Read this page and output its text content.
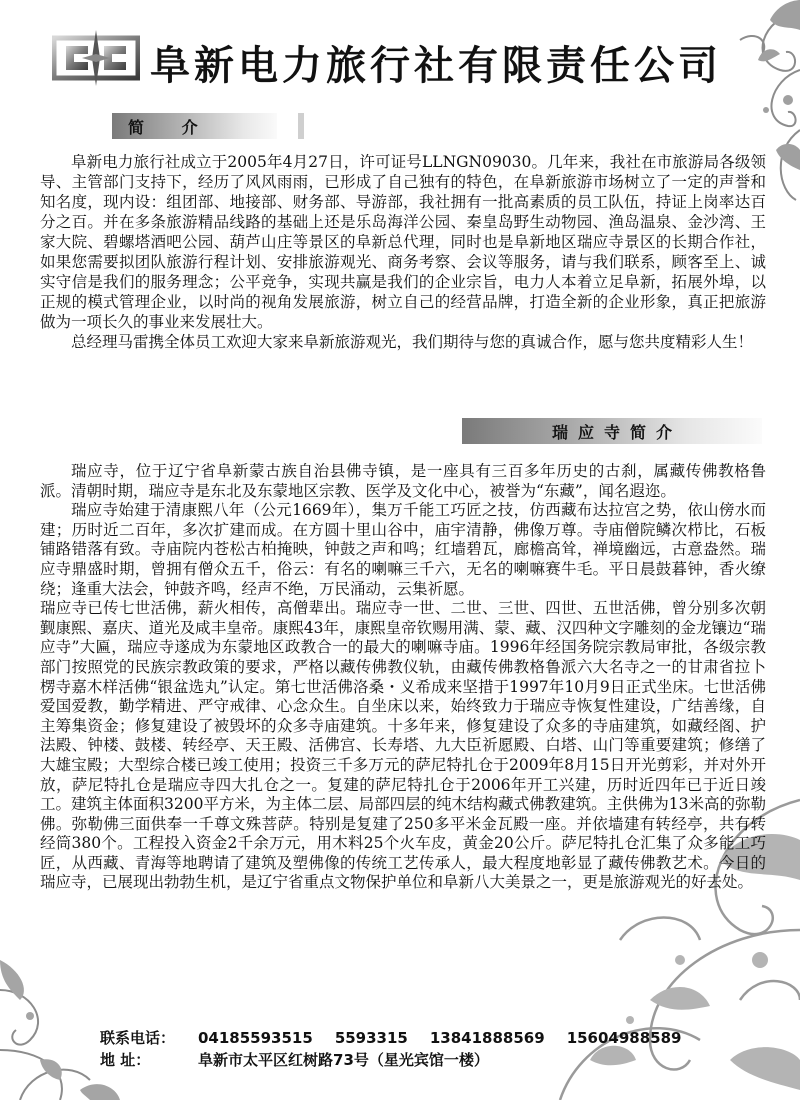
阜新电力旅行社有限责任公司
简 介

阜新电力旅行社成立于2005年4月27日，许可证号LLNGN09030。几年来，我社在市旅游局各级领导、主管部门支持下，经历了风风雨雨，已形成了自己独有的特色，在阜新旅游市场树立了一定的声誉和知名度，现内设：组团部、地接部、财务部、导游部，我社拥有一批高素质的员工队伍，持证上岗率达百分之百。并在多条旅游精品线路的基础上还是乐岛海洋公园、秦皇岛野生动物园、渔岛温泉、金沙湾、王家大院、碧螺塔酒吧公园、葫芦山庄等景区的阜新总代理，同时也是阜新地区瑞应寺景区的长期合作社，如果您需要拟团队旅游行程计划、安排旅游观光、商务考察、会议等服务，请与我们联系，顾客至上、诚实守信是我们的服务理念；公平竞争，实现共赢是我们的企业宗旨，电力人本着立足阜新，拓展外埠，以正规的模式管理企业，以时尚的视角发展旅游，树立自己的经营品牌，打造全新的企业形象，真正把旅游做为一项长久的事业来发展壮大。

总经理马雷携全体员工欢迎大家来阜新旅游观光，我们期待与您的真诚合作，愿与您共度精彩人生！

瑞应寺简介

瑞应寺，位于辽宁省阜新蒙古族自治县佛寺镇，是一座具有三百多年历史的古刹，属藏传佛教格鲁派。清朝时期，瑞应寺是东北及东蒙地区宗教、医学及文化中心，被誉为“东藏”，闻名遐迩。

瑞应寺始建于清康熙八年（公元1669年），集万千能工巧匠之技，仿西藏布达拉宫之势，依山傍水而建；历时近二百年，多次扩建而成。在方圆十里山谷中，庙宇清静，佛像万尊。寺庙僧院鳞次栉比，石板铺路错落有致。寺庙院内苍松古柏掩映，钟鼓之声和鸣；红墙碧瓦，廊檐高耸，禅境幽远，古意盎然。瑞应寺鼎盛时期，曾拥有僧众五千，俗云：有名的喇嘛三千六，无名的喇嘛赛牛毛。平日晨鼓暮钟，香火缭绕；逢重大法会，钟鼓齐鸣，经声不绝，万民涌动，云集祈愿。

瑞应寺已传七世活佛，薪火相传，高僧辈出。瑞应寺一世、二世、三世、四世、五世活佛，曾分别多次朝觐康熙、嘉庆、道光及咸丰皇帝。康熙43年，康熙皇帝钦赐用满、蒙、藏、汉四种文字雕刻的金龙镶边“瑞应寺”大匾，瑞应寺遂成为东蒙地区政教合一的最大的喇嘛寺庙。1996年经国务院宗教局审批，各级宗教部门按照党的民族宗教政策的要求，严格以藏传佛教仪轨，由藏传佛教格鲁派六大名寺之一的甘肃省拉卜楞寺嘉木样活佛“银盆选丸”认定。第七世活佛洛桑・义希成来坚措于1997年10月9日正式坐床。七世活佛爱国爱教，勤学精进、严守戒律、心念众生。自坐床以来，始终致力于瑞应寺恢复性建设，广结善缘，自主筹集资金；修复建设了被毁坏的众多寺庙建筑。十多年来，修复建设了众多的寺庙建筑，如藏经阁、护法殿、钟楼、鼓楼、转经亭、天王殿、活佛宫、长寿塔、九大臣祈愿殿、白塔、山门等重要建筑；修缮了大雄宝殿；大型综合楼已竣工使用；投资三千多万元的萨尼特扎仓于2009年8月15日开光剪彩，并对外开放，萨尼特扎仓是瑞应寺四大扎仓之一。复建的萨尼特扎仓于2006年开工兴建，历时近四年已于近日竣工。建筑主体面积3200平方米，为主体二层、局部四层的纯木结构藏式佛教建筑。主供佛为13米高的弥勒佛。弥勒佛三面供奉一千尊文殊菩萨。特别是复建了250多平米金瓦殿一座。并依墙建有转经亭，共有转经筒380个。工程投入资金2千余万元，用木料25个火车皮，黄金20公斤。萨尼特扎仓汇集了众多能工巧匠，从西藏、青海等地聘请了建筑及塑佛像的传统工艺传承人，最大程度地彰显了藏传佛教艺术。今日的瑞应寺，已展现出勃勃生机，是辽宁省重点文物保护单位和阜新八大美景之一，更是旅游观光的好去处。

联系电话： 04185593515 5593315 13841888569 15604988589
地 址：	阜新市太平区红树路73号（星光宾馆一楼）
